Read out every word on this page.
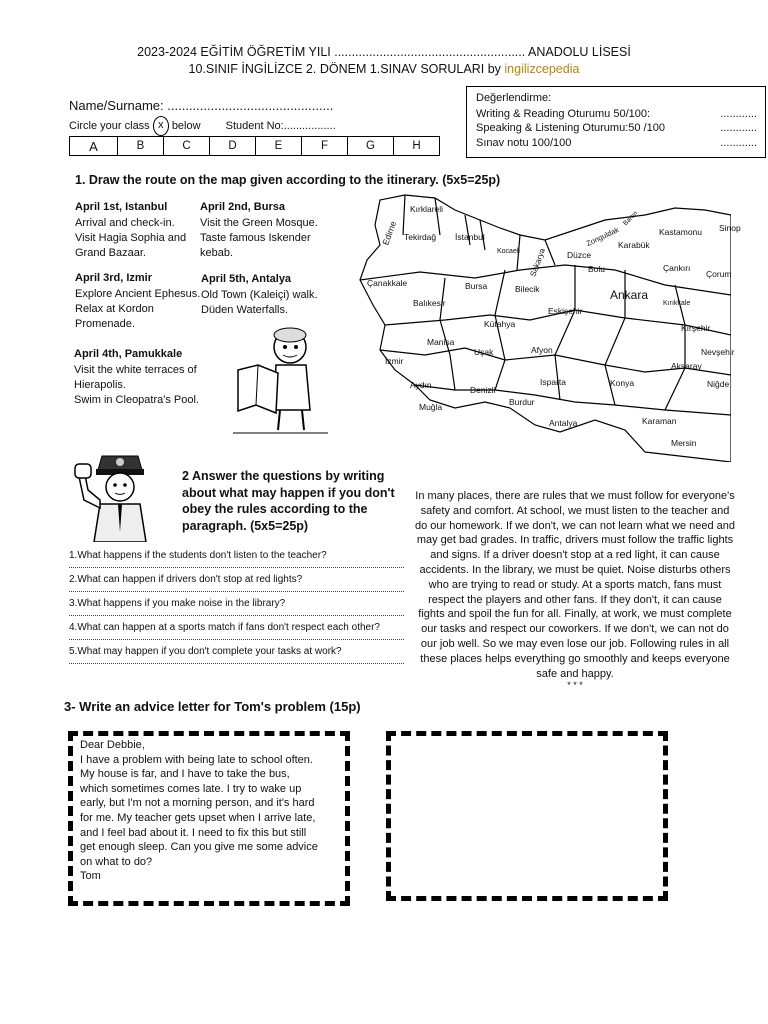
2023-2024 EĞİTİM ÖĞRETİM YILI ....................................................... ANADOLU LİSESİ
10.SINIF İNGİLİZCE 2. DÖNEM 1.SINAV SORULARI by ingilizcepedia
Name/Surname: ..............................................
Circle your class x below Student No:.................
A	B	C	D	E	F	G	H
Değerlendirme:
Writing & Reading Oturumu 50/100:	............
Speaking & Listening Oturumu:50 /100	............
Sınav notu 100/100	............
1. Draw the route on the map given according to the itinerary. (5x5=25p)
April 1st, Istanbul
Arrival and check-in.
Visit Hagia Sophia and
Grand Bazaar.
April 2nd, Bursa
Visit the Green Mosque.
Taste famous Iskender
kebab.
April 3rd, Izmir
Explore Ancient Ephesus.
Relax at Kordon
Promenade.
April 5th, Antalya
Old Town (Kaleiçi) walk.
Düden Waterfalls.
April 4th, Pamukkale
Visit the white terraces of
Hierapolis.
Swim in Cleopatra's Pool.
Kırklareli
Edirne Tekirdağ İstanbul
Kocaeli Sakarya
Zonguldak
Bartın
Karabük
Kastamonu Sinop
Düzce
Bolu	Çankırı
Çorum
Çanakkale	Bursa	Bilecik	Ankara
Balıkesir
Eskişehir
Kırıkkale
Kütahya	Kırşehir
Manisa
Uşak	Afyon	Nevşehir
İzmir	Aksaray
Aydın	Denizli
Isparta	Konya	Niğde
Muğla	Burdur
Antalya	Karaman
Mersin
2 Answer the questions by writing about what may happen if you don't obey the rules according to the paragraph. (5x5=25p)
1.What happens if the students don't listen to the teacher?
2.What can happen if drivers don't stop at red lights?
3.What happens if you make noise in the library?
4.What can happen at a sports match if fans don't respect each other?
5.What may happen if you don't complete your tasks at work?
In many places, there are rules that we must follow for everyone's safety and comfort. At school, we must listen to the teacher and do our homework. If we don't, we can not learn what we need and may get bad grades. In traffic, drivers must follow the traffic lights and signs. If a driver doesn't stop at a red light, it can cause accidents. In the library, we must be quiet. Noise disturbs others who are trying to read or study. At a sports match, fans must respect the players and other fans. If they don't, it can cause fights and spoil the fun for all. Finally, at work, we must complete our tasks and respect our coworkers. If we don't, we can not do our job well. So we may even lose our job. Following rules in all these places helps everything go smoothly and keeps everyone safe and happy.
* * *
3- Write an advice letter for Tom's problem (15p)
Dear Debbie,
I have a problem with being late to school often.
My house is far, and I have to take the bus,
which sometimes comes late. I try to wake up
early, but I'm not a morning person, and it's hard
for me. My teacher gets upset when I arrive late,
and I feel bad about it. I need to fix this but still
get enough sleep. Can you give me some advice
on what to do?
Tom
